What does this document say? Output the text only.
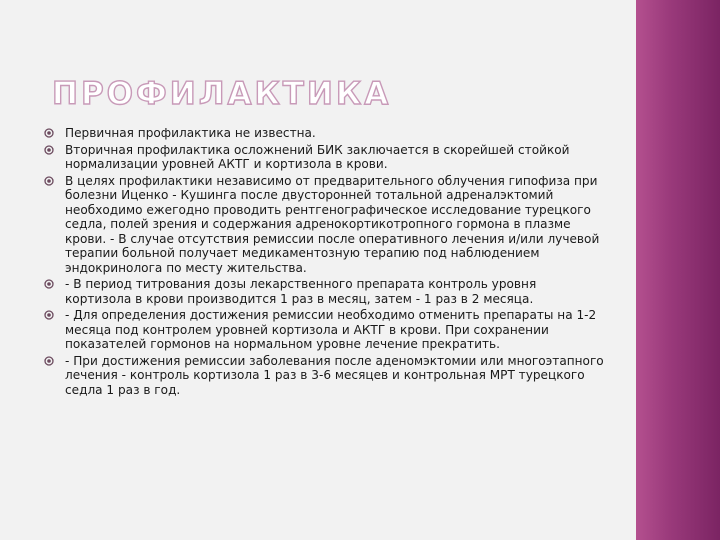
ПРОФИЛАКТИКА
Первичная профилактика не известна.
Вторичная профилактика осложнений БИК заключается в скорейшей стойкой нормализации уровней АКТГ и кортизола в крови.
В целях профилактики независимо от предварительного облучения гипофиза при болезни Иценко - Кушинга после двусторонней тотальной адреналэктомий необходимо ежегодно проводить рентгенографическое исследование турецкого седла, полей зрения и содержания адренокортикотропного гормона в плазме крови. - В случае отсутствия ремиссии после оперативного лечения и/или лучевой терапии больной получает медикаментозную терапию под наблюдением эндокринолога по месту жительства.
- В период титрования дозы лекарственного препарата контроль уровня кортизола в крови производится 1 раз в месяц, затем - 1 раз в 2 месяца.
- Для определения достижения ремиссии необходимо отменить препараты на 1-2 месяца под контролем уровней кортизола и АКТГ в крови. При сохранении показателей гормонов на нормальном уровне лечение прекратить.
- При достижения ремиссии заболевания после аденомэктомии или многоэтапного лечения - контроль кортизола 1 раз в 3-6 месяцев и контрольная МРТ турецкого седла 1 раз в год.
